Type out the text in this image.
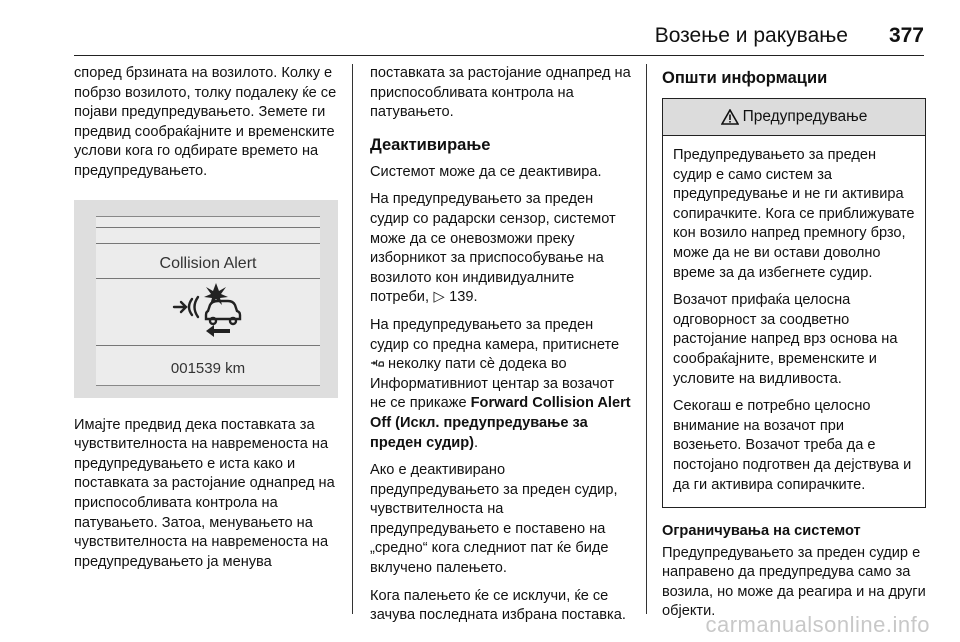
Возење и ракување 377

според брзината на возилото. Колку е побрзо возилото, толку подалеку ќе се појави предупредувањето. Земете ги предвид сообраќајните и временските услови кога го одбирате времето на предупредувањето.

Collision Alert
001539 km

Имајте предвид дека поставката за чувствителноста на навременоста на предупредувањето е иста како и поставката за растојание однапред на приспособливата контрола на патувањето. Затоа, менувањето на чувствителноста на навременоста на предупредувањето ја менува

поставката за растојание однапред на приспособливата контрола на патувањето.

Деактивирање

Системот може да се деактивира.

На предупредувањето за преден судир со радарски сензор, системот може да се оневозможи преку изборникот за приспособување на возилото кон индивидуалните потреби, ▷ 139.

На предупредувањето за преден судир со предна камера, притиснете  неколку пати сѐ додека во Информативниот центар за возачот не се прикаже Forward Collision Alert Off (Искл. предупредување за преден судир).

Ако е деактивирано предупредувањето за преден судир, чувствителноста на предупредувањето е поставено на „средно“ кога следниот пат ќе биде вклучено палењето.

Кога палењето ќе се исклучи, ќе се зачува последната избрана поставка.

Општи информации
Предупредување

Предупредувањето за преден судир е само систем за предупредување и не ги активира сопирачките. Кога се приближувате кон возило напред премногу брзо, може да не ви остави доволно време за да избегнете судир.

Возачот прифаќа целосна одговорност за соодветно растојание напред врз основа на сообраќајните, временските и условите на видливоста.

Секогаш е потребно целосно внимание на возачот при возењето. Возачот треба да е постојано подготвен да дејствува и да ги активира сопирачките.

Ограничувања на системот

Предупредувањето за преден судир е направено да предупредува само за возила, но може да реагира и на други објекти.

carmanualsonline.info
